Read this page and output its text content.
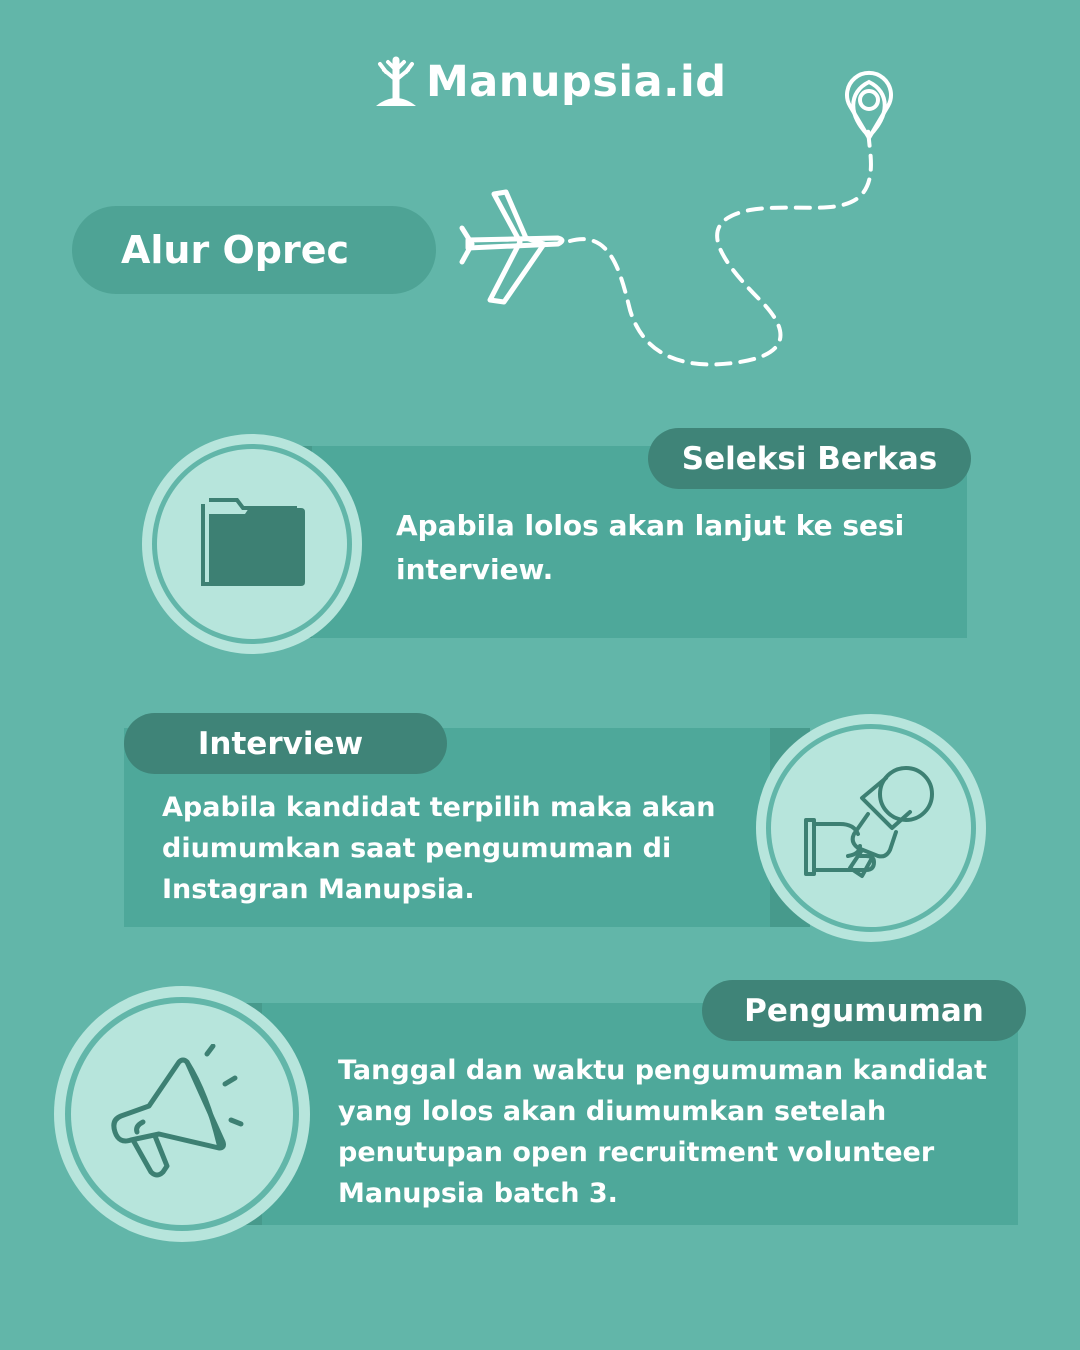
Manupsia.id
Alur Oprec
Seleksi Berkas
Apabila lolos akan lanjut ke sesi interview.
Interview
Apabila kandidat terpilih maka akan diumumkan saat pengumuman di Instagran Manupsia.
Pengumuman
Tanggal dan waktu pengumuman kandidat yang lolos akan diumumkan setelah penutupan open recruitment volunteer Manupsia batch 3.
